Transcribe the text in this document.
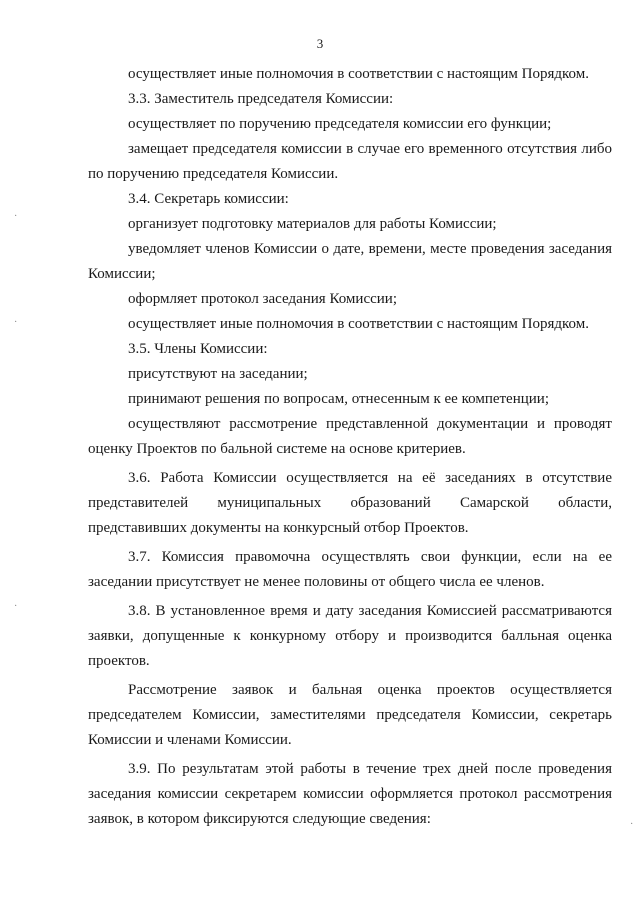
3

осуществляет иные полномочия в соответствии с настоящим Порядком.

3.3. Заместитель председателя Комиссии:

осуществляет по поручению председателя комиссии его функции;

замещает председателя комиссии в случае его временного отсутствия либо по поручению председателя Комиссии.

3.4. Секретарь комиссии:

организует подготовку материалов для работы Комиссии;

уведомляет членов Комиссии о дате, времени, месте проведения заседания Комиссии;

оформляет протокол заседания Комиссии;

осуществляет иные полномочия в соответствии с настоящим Порядком.

3.5. Члены Комиссии:

присутствуют на заседании;

принимают решения по вопросам, отнесенным к ее компетенции;

осуществляют рассмотрение представленной документации и проводят оценку Проектов по бальной системе на основе критериев.

3.6. Работа Комиссии осуществляется на её заседаниях в отсутствие представителей муниципальных образований Самарской области, представивших документы на конкурсный отбор Проектов.

3.7. Комиссия правомочна осуществлять свои функции, если на ее заседании присутствует не менее половины от общего числа ее членов.

3.8. В установленное время и дату заседания Комиссией рассматриваются заявки, допущенные к конкурному отбору и производится балльная оценка проектов.

Рассмотрение заявок и бальная оценка проектов осуществляется председателем Комиссии, заместителями председателя Комиссии, секретарь Комиссии и членами Комиссии.

3.9. По результатам этой работы в течение трех дней после проведения заседания комиссии секретарем комиссии оформляется протокол рассмотрения заявок, в котором фиксируются следующие сведения:

·
·
·
·
